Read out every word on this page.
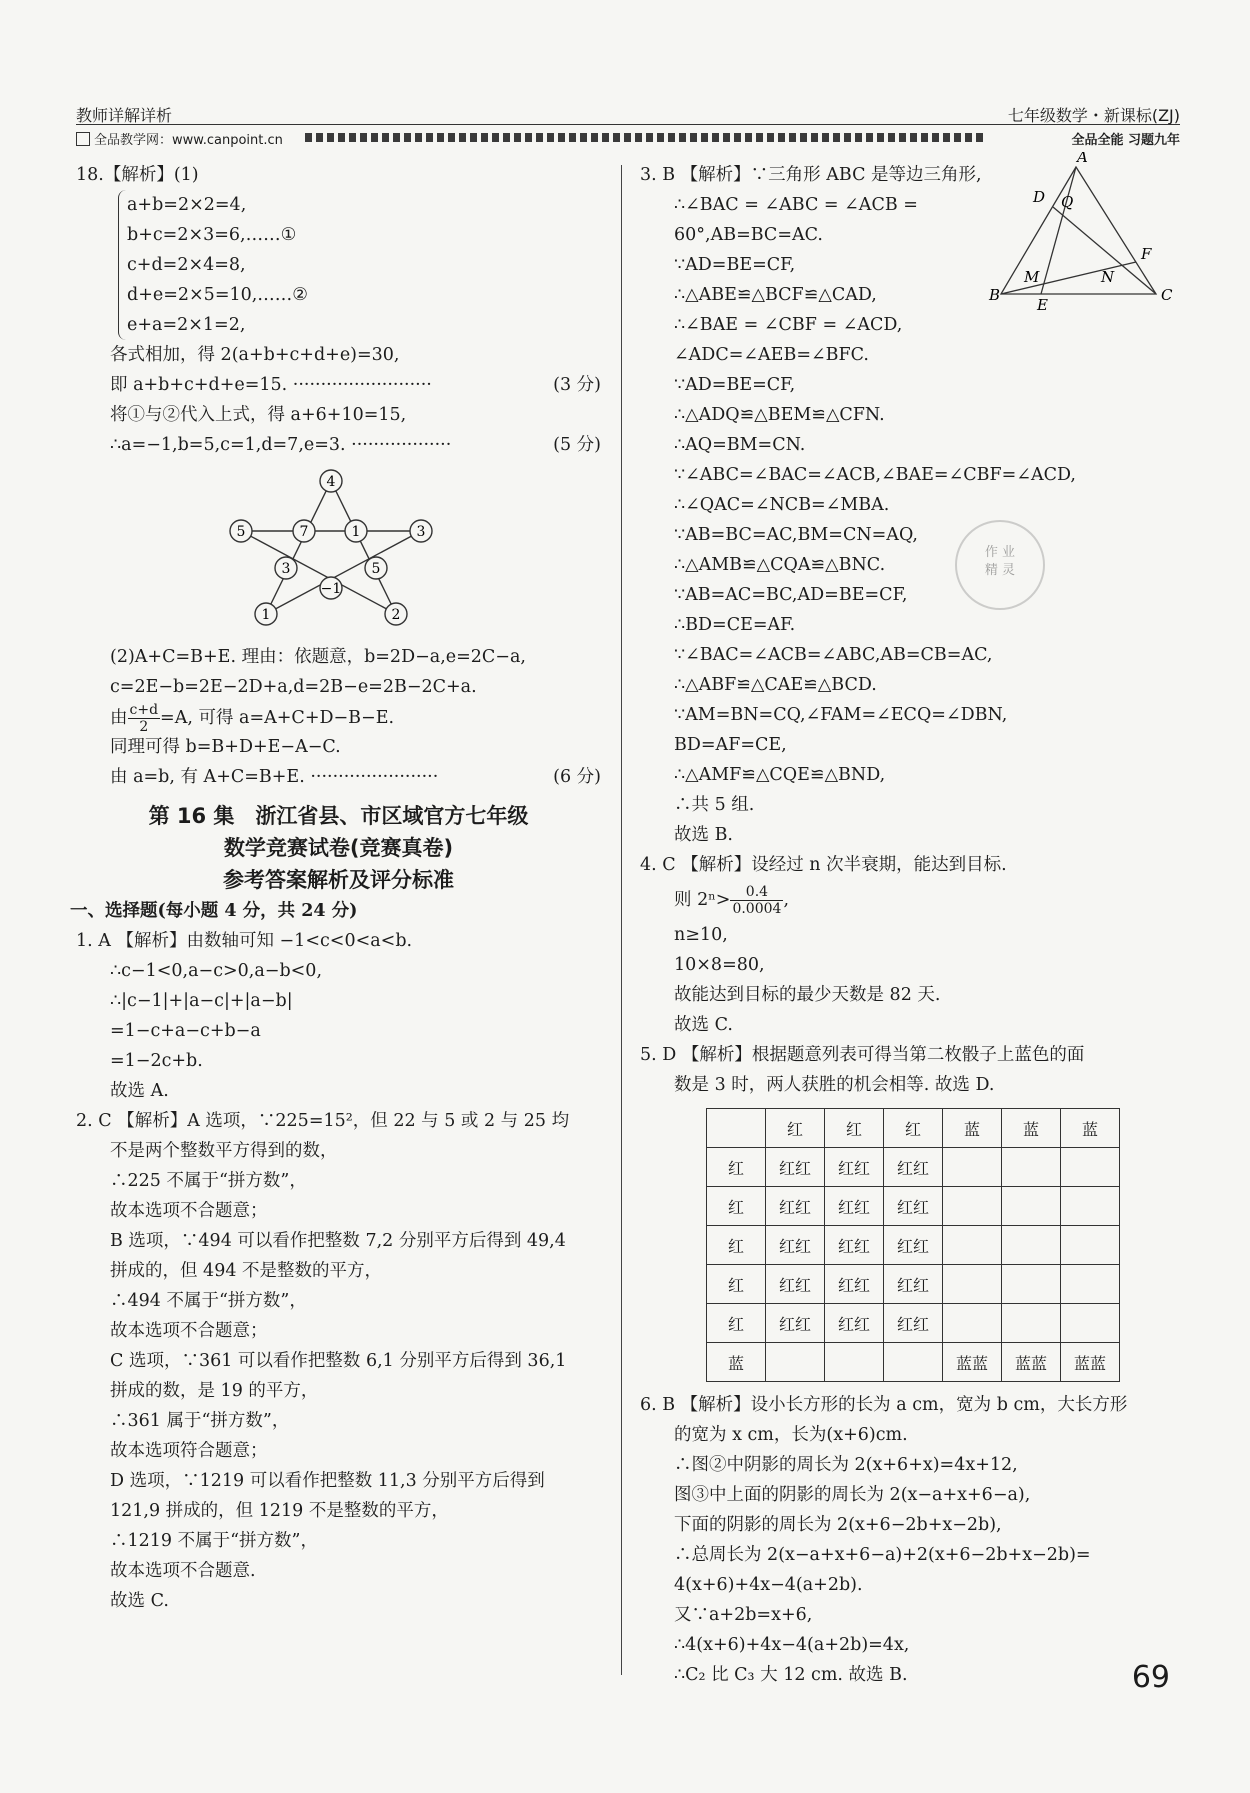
教师详解详析	七年级数学・新课标(ZJ)
全品教学网：www.canpoint.cn	全品全能 习题九年
作 业
精 灵
18.【解析】(1)
a+b=2×2=4,
b+c=2×3=6,……①
c+d=2×4=8,
d+e=2×5=10,……②
e+a=2×1=2,
各式相加，得 2(a+b+c+d+e)=30,
即 a+b+c+d+e=15. ·························	(3 分)
将①与②代入上式，得 a+6+10=15,
∴a=−1,b=5,c=1,d=7,e=3. ··················	(5 分)
4
5	7	1	3
3	5
−1
1	2
(2)A+C=B+E. 理由：依题意，b=2D−a,e=2C−a,
c=2E−b=2E−2D+a,d=2B−e=2B−2C+a.
由 $\frac{c+d}{2} =A$, 可得 a=A+C+D−B−E.
同理可得 b=B+D+E−A−C.
由 a=b, 有 A+C=B+E. ·······················	(6 分)
第 16 集　浙江省县、市区域官方七年级
数学竞赛试卷(竞赛真卷)
参考答案解析及评分标准
一、选择题(每小题 4 分，共 24 分)
1. A 【解析】由数轴可知 −1<c<0<a<b.
∴c−1<0,a−c>0,a−b<0,
∴|c−1|+|a−c|+|a−b|
=1−c+a−c+b−a
=1−2c+b.
故选 A.
2. C 【解析】A 选项，∵225=15²，但 22 与 5 或 2 与 25 均
不是两个整数平方得到的数，
∴225 不属于“拼方数”，
故本选项不合题意；
B 选项，∵494 可以看作把整数 7,2 分别平方后得到 49,4
拼成的，但 494 不是整数的平方，
∴494 不属于“拼方数”，
故本选项不合题意；
C 选项，∵361 可以看作把整数 6,1 分别平方后得到 36,1
拼成的数，是 19 的平方，
∴361 属于“拼方数”，
故本选项符合题意；
D 选项，∵1219 可以看作把整数 11,3 分别平方后得到
121,9 拼成的，但 1219 不是整数的平方，
∴1219 不属于“拼方数”，
故本选项不合题意.
故选 C.
A
D Q
F
M	N
B
E
C
3. B 【解析】∵三角形 ABC 是等边三角形,
∴∠BAC = ∠ABC = ∠ACB =
60°,AB=BC=AC.
∵AD=BE=CF,
∴△ABE≌△BCF≌△CAD,
∴∠BAE = ∠CBF = ∠ACD,
∠ADC=∠AEB=∠BFC.
∵AD=BE=CF,
∴△ADQ≌△BEM≌△CFN.
∴AQ=BM=CN.
∵∠ABC=∠BAC=∠ACB,∠BAE=∠CBF=∠ACD,
∴∠QAC=∠NCB=∠MBA.
∵AB=BC=AC,BM=CN=AQ,
∴△AMB≌△CQA≌△BNC.
∵AB=AC=BC,AD=BE=CF,
∴BD=CE=AF.
∵∠BAC=∠ACB=∠ABC,AB=CB=AC,
∴△ABF≌△CAE≌△BCD.
∵AM=BN=CQ,∠FAM=∠ECQ=∠DBN,
BD=AF=CE,
∴△AMF≌△CQE≌△BND,
∴共 5 组.
故选 B.
4. C 【解析】设经过 n 次半衰期，能达到目标.
则 $2^n> \frac{0.4}{0.0004}$ ,
n≥10,
10×8=80,
故能达到目标的最少天数是 82 天.
故选 C.
5. D 【解析】根据题意列表可得当第二枚骰子上蓝色的面
数是 3 时，两人获胜的机会相等. 故选 D.
	红	红	红	蓝	蓝	蓝
红	红红	红红	红红			
红	红红	红红	红红			
红	红红	红红	红红			
红	红红	红红	红红			
红	红红	红红	红红			
蓝				蓝蓝	蓝蓝	蓝蓝
6. B 【解析】设小长方形的长为 a cm，宽为 b cm，大长方形
的宽为 x cm，长为(x+6)cm.
∴图②中阴影的周长为 2(x+6+x)=4x+12,
图③中上面的阴影的周长为 2(x−a+x+6−a),
下面的阴影的周长为 2(x+6−2b+x−2b),
∴总周长为 2(x−a+x+6−a)+2(x+6−2b+x−2b)=
4(x+6)+4x−4(a+2b).
又∵a+2b=x+6,
∴4(x+6)+4x−4(a+2b)=4x,
∴C₂ 比 C₃ 大 12 cm. 故选 B.	69
